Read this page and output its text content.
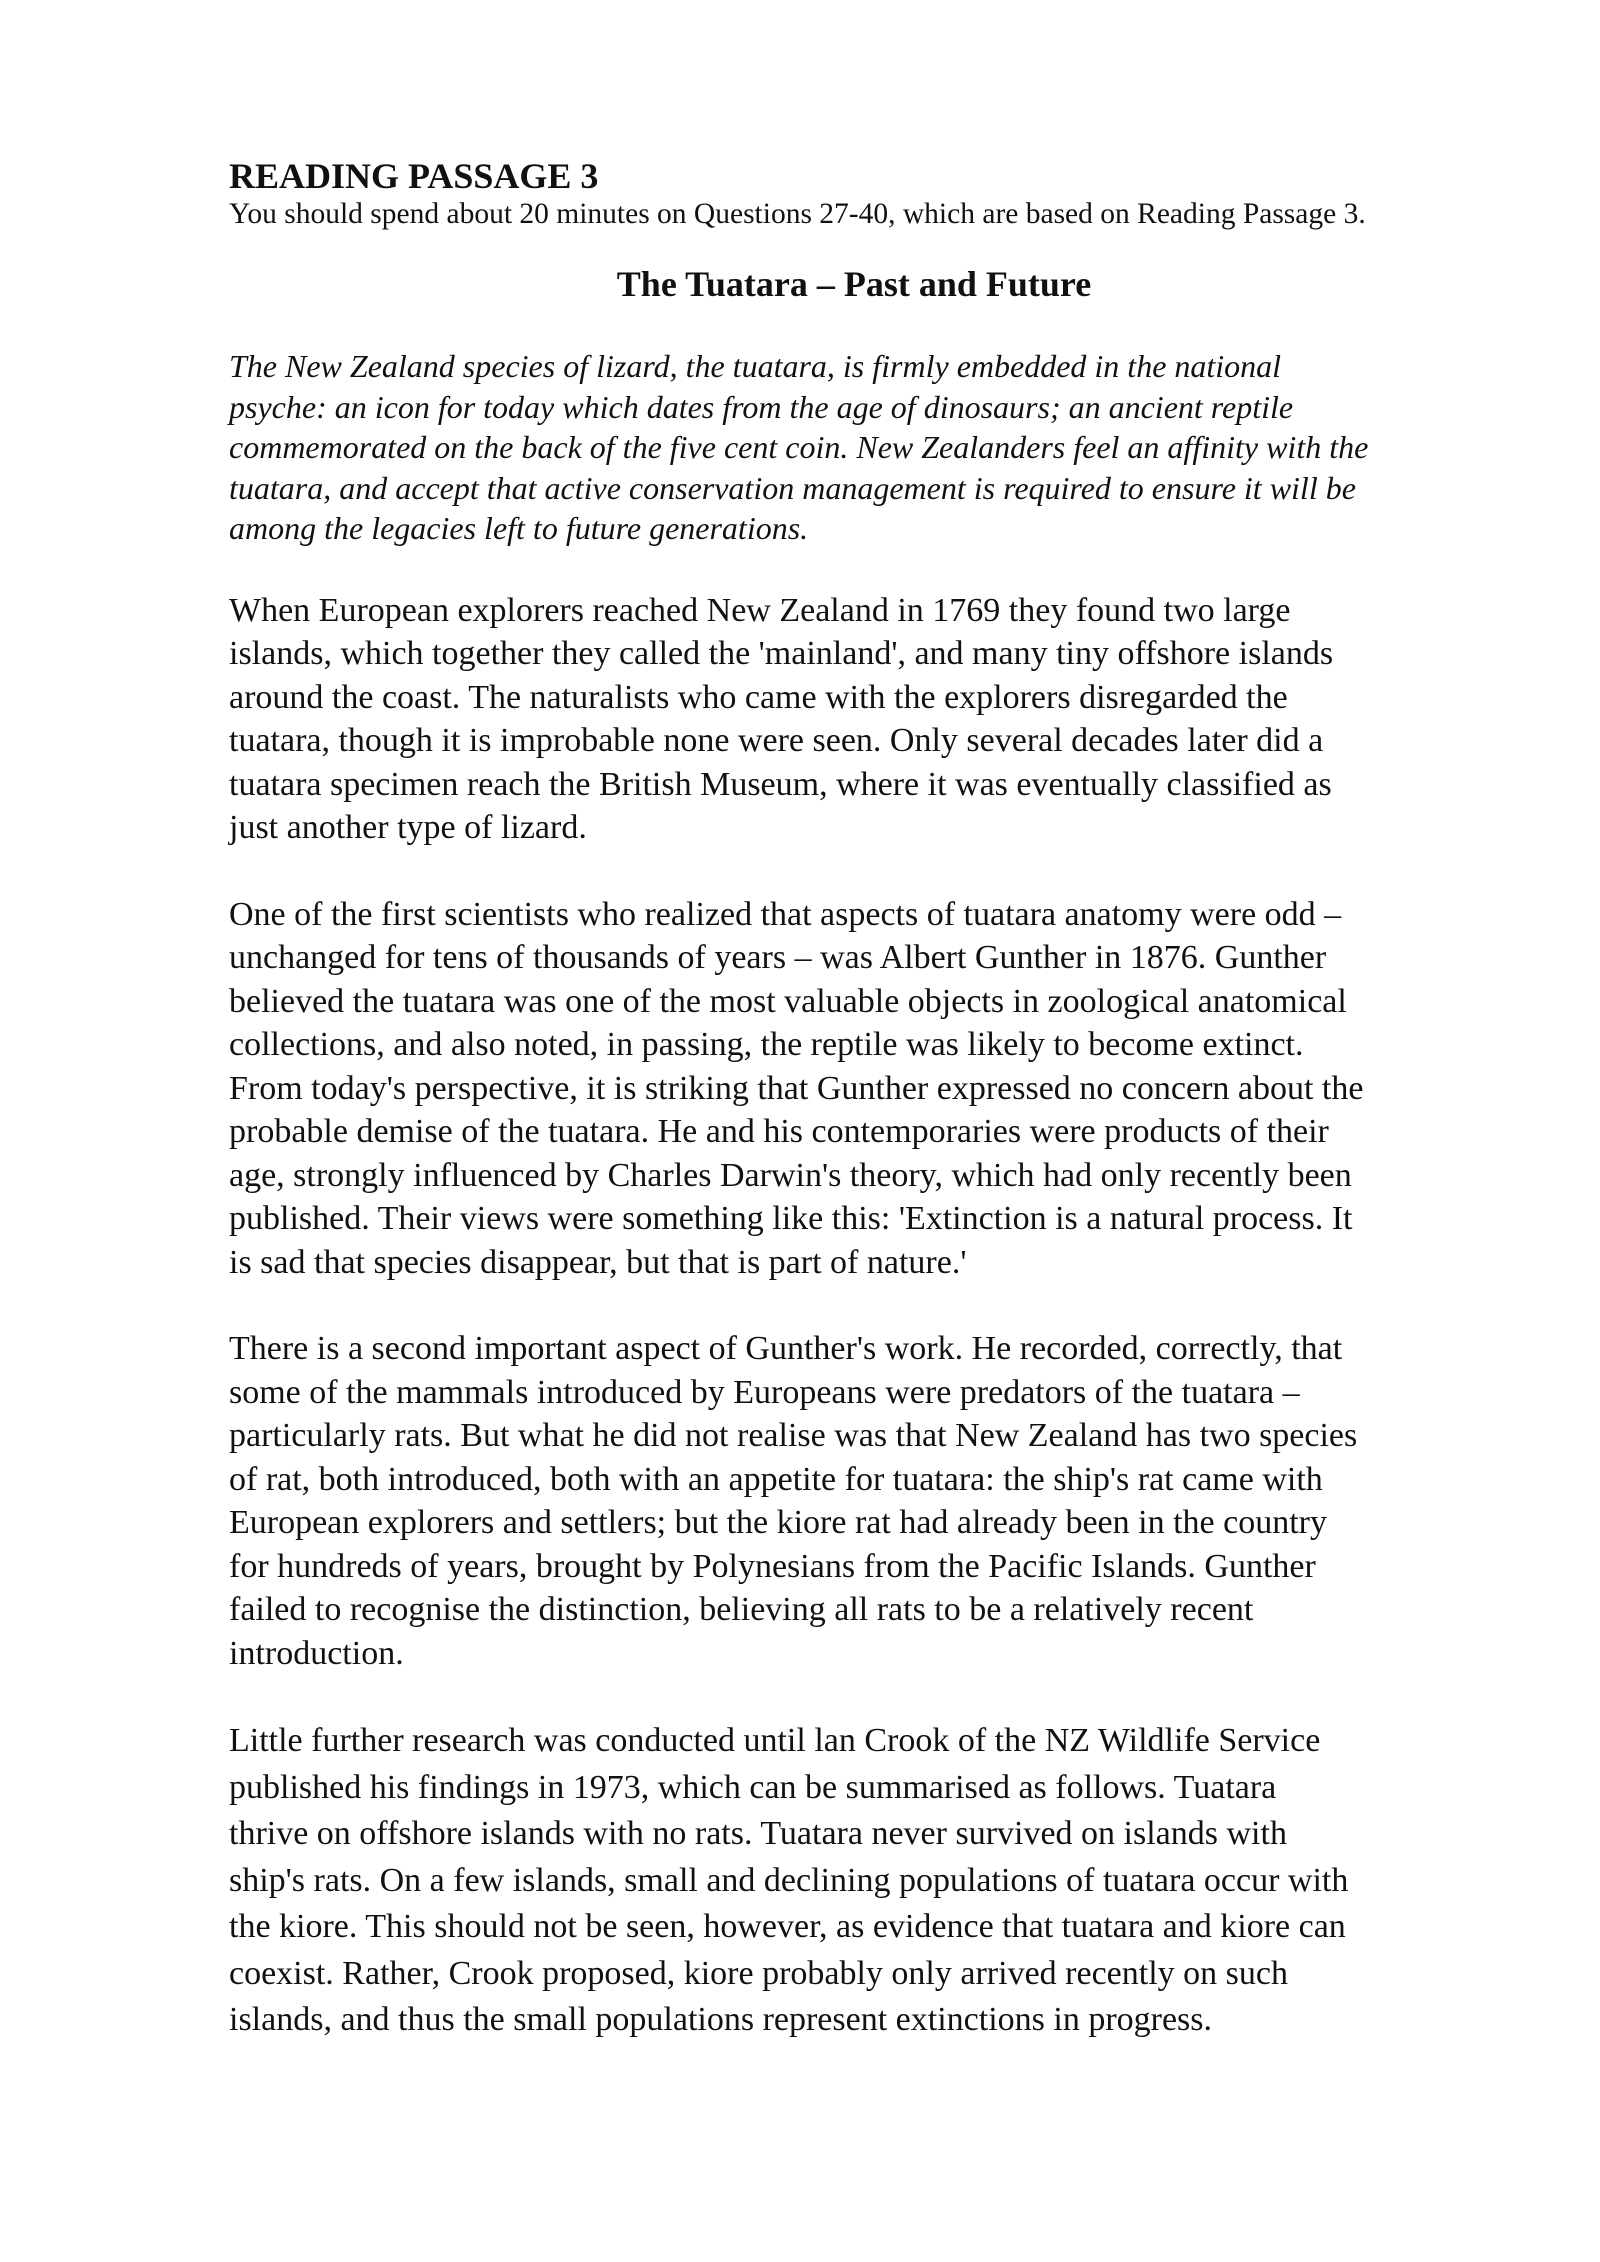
READING PASSAGE 3

You should spend about 20 minutes on Questions 27-40, which are based on Reading Passage 3.

The Tuatara – Past and Future

The New Zealand species of lizard, the tuatara, is firmly embedded in the national
psyche: an icon for today which dates from the age of dinosaurs; an ancient reptile
commemorated on the back of the five cent coin. New Zealanders feel an affinity with the
tuatara, and accept that active conservation management is required to ensure it will be
among the legacies left to future generations.

When European explorers reached New Zealand in 1769 they found two large
islands, which together they called the 'mainland', and many tiny offshore islands
around the coast. The naturalists who came with the explorers disregarded the
tuatara, though it is improbable none were seen. Only several decades later did a
tuatara specimen reach the British Museum, where it was eventually classified as
just another type of lizard.

One of the first scientists who realized that aspects of tuatara anatomy were odd –
unchanged for tens of thousands of years – was Albert Gunther in 1876. Gunther
believed the tuatara was one of the most valuable objects in zoological anatomical
collections, and also noted, in passing, the reptile was likely to become extinct.
From today's perspective, it is striking that Gunther expressed no concern about the
probable demise of the tuatara. He and his contemporaries were products of their
age, strongly influenced by Charles Darwin's theory, which had only recently been
published. Their views were something like this: 'Extinction is a natural process. It
is sad that species disappear, but that is part of nature.'

There is a second important aspect of Gunther's work. He recorded, correctly, that
some of the mammals introduced by Europeans were predators of the tuatara –
particularly rats. But what he did not realise was that New Zealand has two species
of rat, both introduced, both with an appetite for tuatara: the ship's rat came with
European explorers and settlers; but the kiore rat had already been in the country
for hundreds of years, brought by Polynesians from the Pacific Islands. Gunther
failed to recognise the distinction, believing all rats to be a relatively recent
introduction.

Little further research was conducted until lan Crook of the NZ Wildlife Service
published his findings in 1973, which can be summarised as follows. Tuatara
thrive on offshore islands with no rats. Tuatara never survived on islands with
ship's rats. On a few islands, small and declining populations of tuatara occur with
the kiore. This should not be seen, however, as evidence that tuatara and kiore can
coexist. Rather, Crook proposed, kiore probably only arrived recently on such
islands, and thus the small populations represent extinctions in progress.
